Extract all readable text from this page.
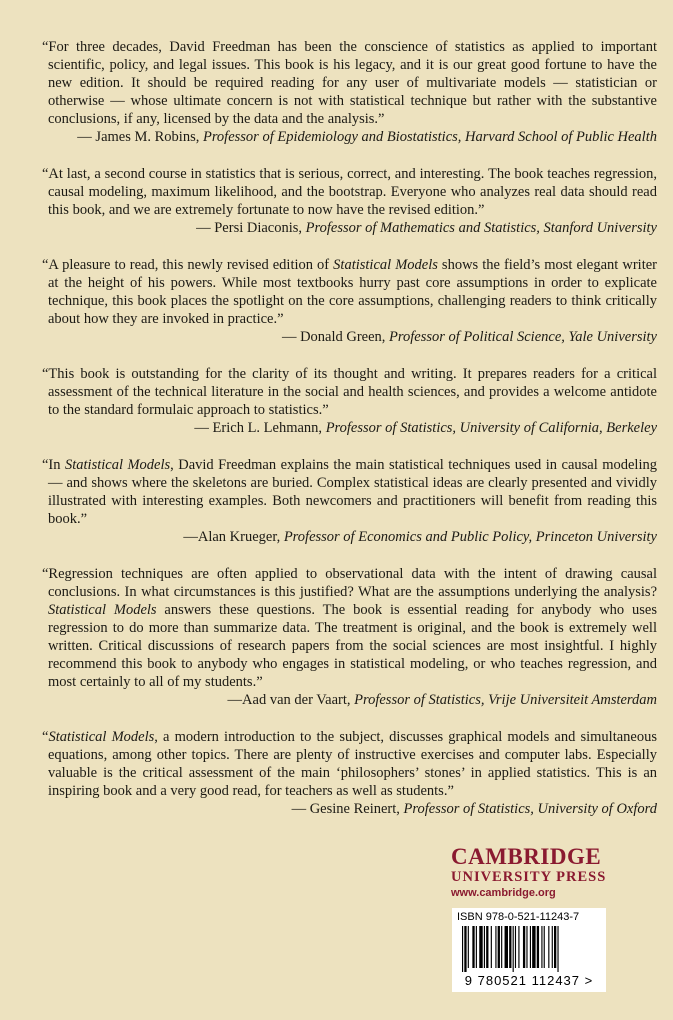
“For three decades, David Freedman has been the conscience of statistics as applied to important scientific, policy, and legal issues. This book is his legacy, and it is our great good fortune to have the new edition. It should be required reading for any user of multivariate models — statistician or otherwise — whose ultimate concern is not with statistical technique but rather with the substantive conclusions, if any, licensed by the data and the analysis.”

— James M. Robins, Professor of Epidemiology and Biostatistics, Harvard School of Public Health

“At last, a second course in statistics that is serious, correct, and interesting. The book teaches regression, causal modeling, maximum likelihood, and the bootstrap. Everyone who analyzes real data should read this book, and we are extremely fortunate to now have the revised edition.”

— Persi Diaconis, Professor of Mathematics and Statistics, Stanford University

“A pleasure to read, this newly revised edition of Statistical Models shows the field’s most elegant writer at the height of his powers. While most textbooks hurry past core assumptions in order to explicate technique, this book places the spotlight on the core assumptions, challenging readers to think critically about how they are invoked in practice.”

— Donald Green, Professor of Political Science, Yale University

“This book is outstanding for the clarity of its thought and writing. It prepares readers for a critical assessment of the technical literature in the social and health sciences, and provides a welcome antidote to the standard formulaic approach to statistics.”

— Erich L. Lehmann, Professor of Statistics, University of California, Berkeley

“In Statistical Models, David Freedman explains the main statistical techniques used in causal modeling — and shows where the skeletons are buried. Complex statistical ideas are clearly presented and vividly illustrated with interesting examples. Both newcomers and practitioners will benefit from reading this book.”

—Alan Krueger, Professor of Economics and Public Policy, Princeton University

“Regression techniques are often applied to observational data with the intent of drawing causal conclusions. In what circumstances is this justified? What are the assumptions underlying the analysis? Statistical Models answers these questions. The book is essential reading for anybody who uses regression to do more than summarize data. The treatment is original, and the book is extremely well written. Critical discussions of research papers from the social sciences are most insightful. I highly recommend this book to anybody who engages in statistical modeling, or who teaches regression, and most certainly to all of my students.”

—Aad van der Vaart, Professor of Statistics, Vrije Universiteit Amsterdam

“Statistical Models, a modern introduction to the subject, discusses graphical models and simultaneous equations, among other topics. There are plenty of instructive exercises and computer labs. Especially valuable is the critical assessment of the main ‘philosophers’ stones’ in applied statistics. This is an inspiring book and a very good read, for teachers as well as students.”

— Gesine Reinert, Professor of Statistics, University of Oxford
CAMBRIDGE
UNIVERSITY PRESS
www.cambridge.org
ISBN 978-0-521-11243-7
9 780521 112437 >
